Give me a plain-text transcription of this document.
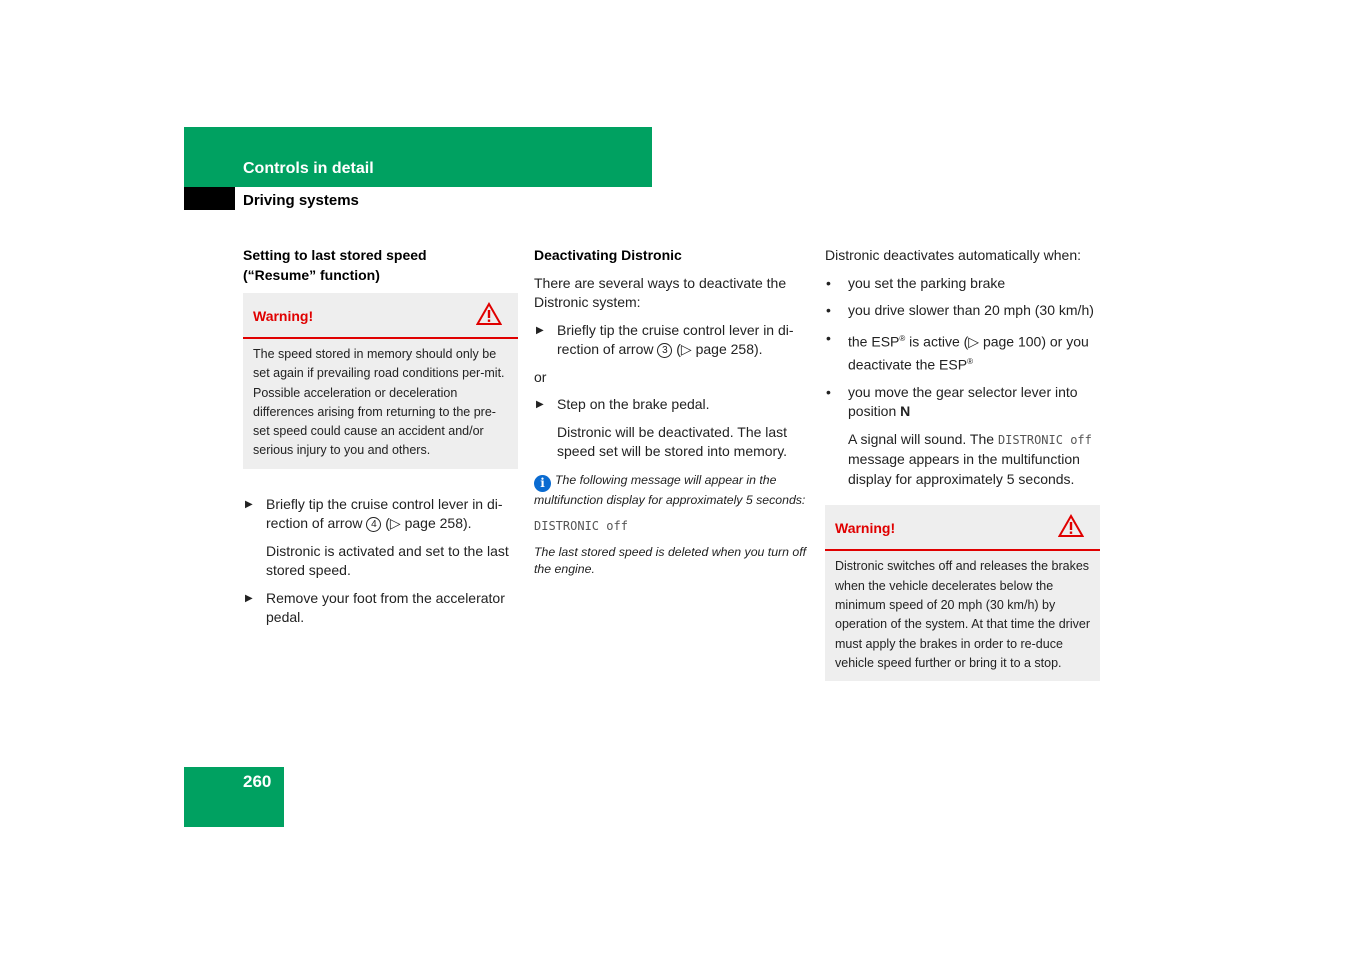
Controls in detail
Driving systems
Setting to last stored speed
(“Resume” function)
Warning!
The speed stored in memory should only be set again if prevailing road conditions per-mit. Possible acceleration or deceleration differences arising from returning to the pre-set speed could cause an accident and/or serious injury to you and others.
▶ Briefly tip the cruise control lever in di-rection of arrow 4 (▷ page 258).
Distronic is activated and set to the last stored speed.
▶ Remove your foot from the accelerator pedal.
Deactivating Distronic

There are several ways to deactivate the Distronic system:

▶ Briefly tip the cruise control lever in di-rection of arrow 3 (▷ page 258).

or

▶ Step on the brake pedal.
Distronic will be deactivated. The last speed set will be stored into memory.
i The following message will appear in the multifunction display for approximately 5 seconds:
DISTRONIC off
The last stored speed is deleted when you turn off the engine.

Distronic deactivates automatically when:

• you set the parking brake
• you drive slower than 20 mph (30 km/h)
• the ESP® is active (▷ page 100) or you deactivate the ESP®
• you move the gear selector lever into position N
A signal will sound. The DISTRONIC off message appears in the multifunction display for approximately 5 seconds.
Warning!
Distronic switches off and releases the brakes when the vehicle decelerates below the minimum speed of 20 mph (30 km/h) by operation of the system. At that time the driver must apply the brakes in order to re-duce vehicle speed further or bring it to a stop.
260
